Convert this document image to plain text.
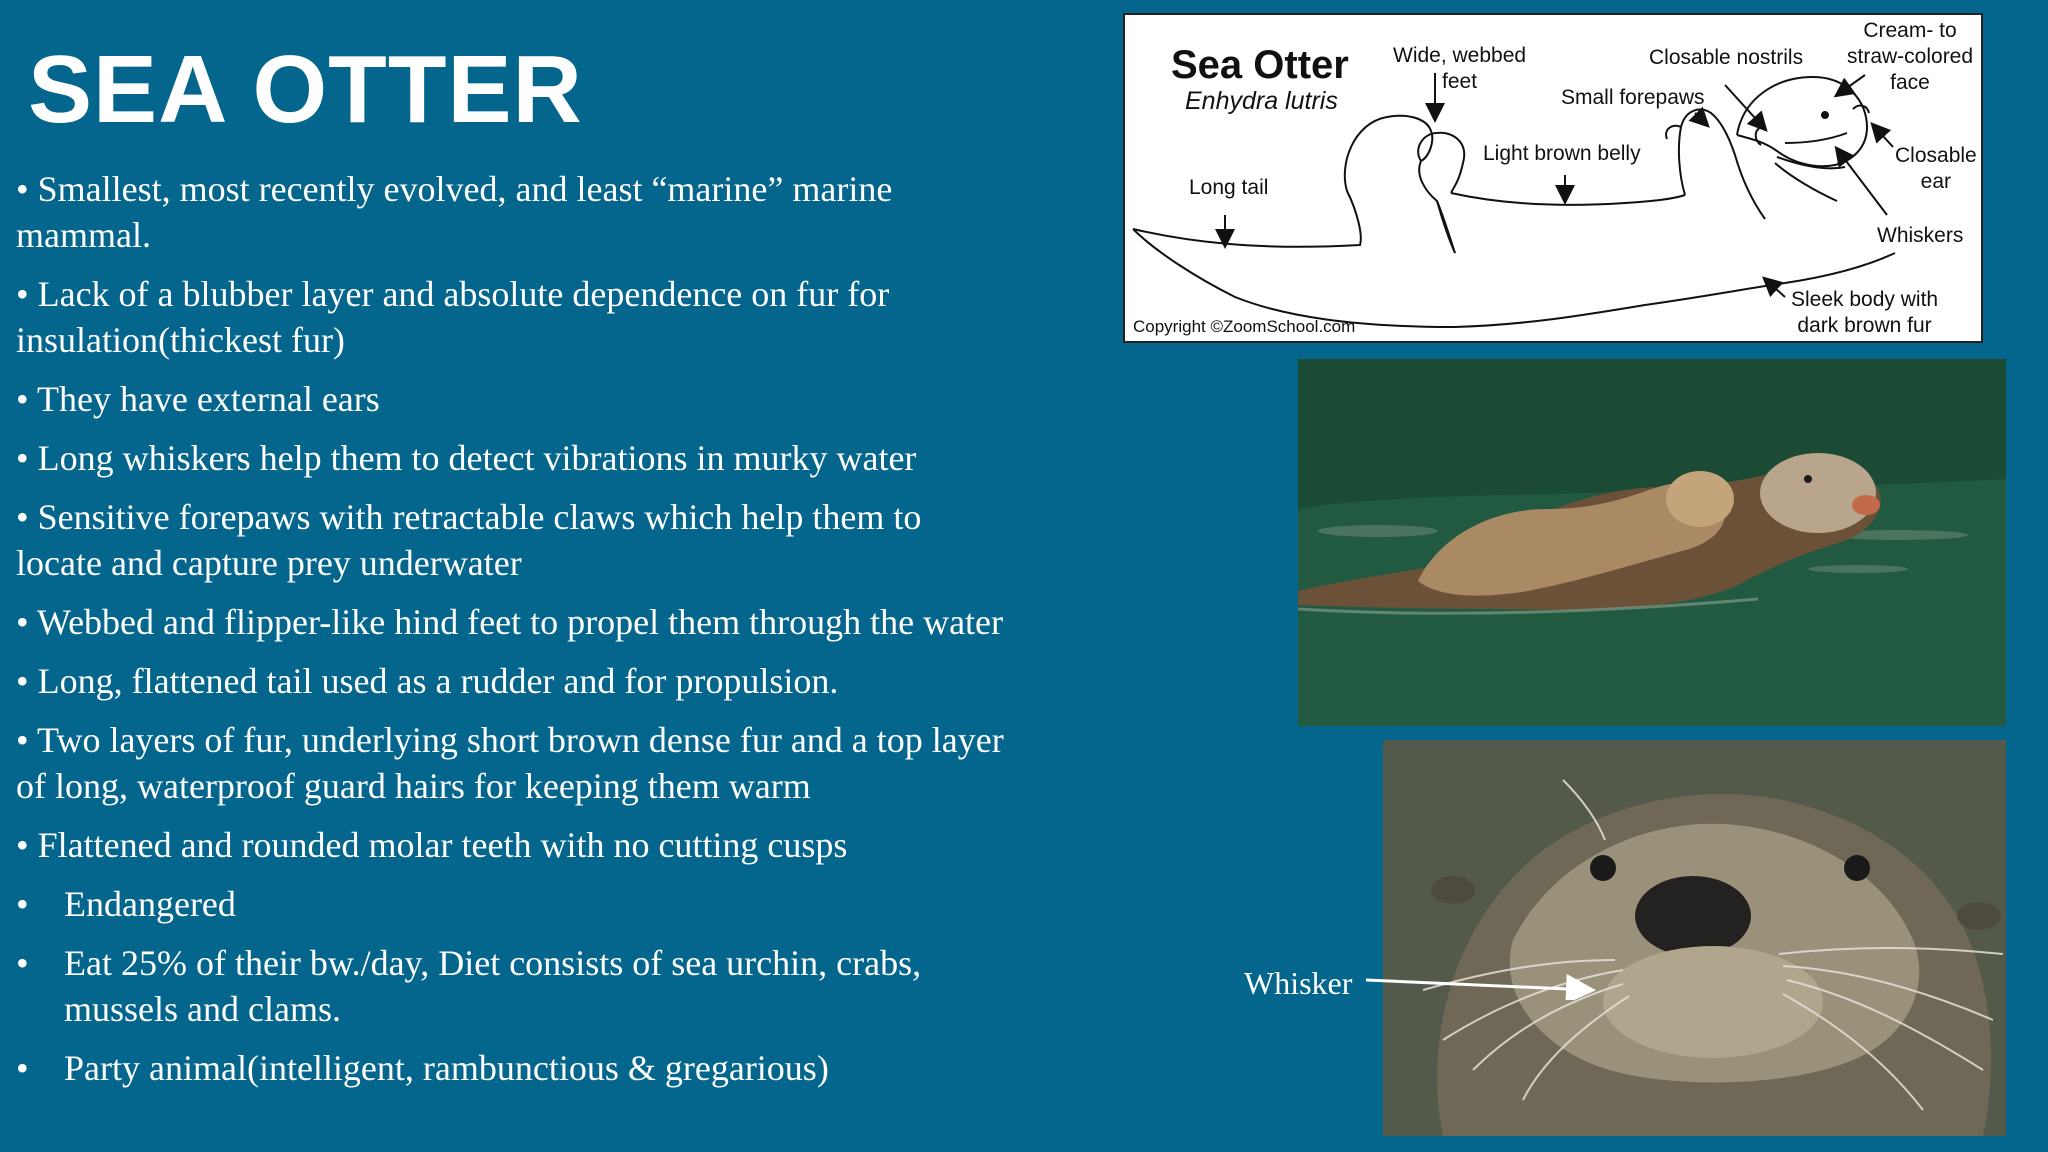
SEA OTTER
• Smallest, most recently evolved, and least “marine” marine mammal.
• Lack of a blubber layer and absolute dependence on fur for insulation(thickest fur)
• They have external ears
• Long whiskers help them to detect vibrations in murky water
• Sensitive forepaws with retractable claws which help them to locate and capture prey underwater
• Webbed and flipper-like hind feet to propel them through the water
• Long, flattened tail used as a rudder and for propulsion.
• Two layers of fur, underlying short brown dense fur and a top layer of long, waterproof guard hairs for keeping them warm
• Flattened and rounded molar teeth with no cutting cusps
• Endangered
• Eat 25% of their bw./day, Diet consists of sea urchin, crabs, mussels and clams.
• Party animal(intelligent, rambunctious & gregarious)
Sea Otter
Enhydra lutris
Wide, webbed
feet
Closable nostrils
Cream- to
straw-colored
face
Small forepaws
Light brown belly	Closable
ear
Long tail
Whiskers
Sleek body with
dark brown fur
Copyright ©ZoomSchool.com
Whisker
